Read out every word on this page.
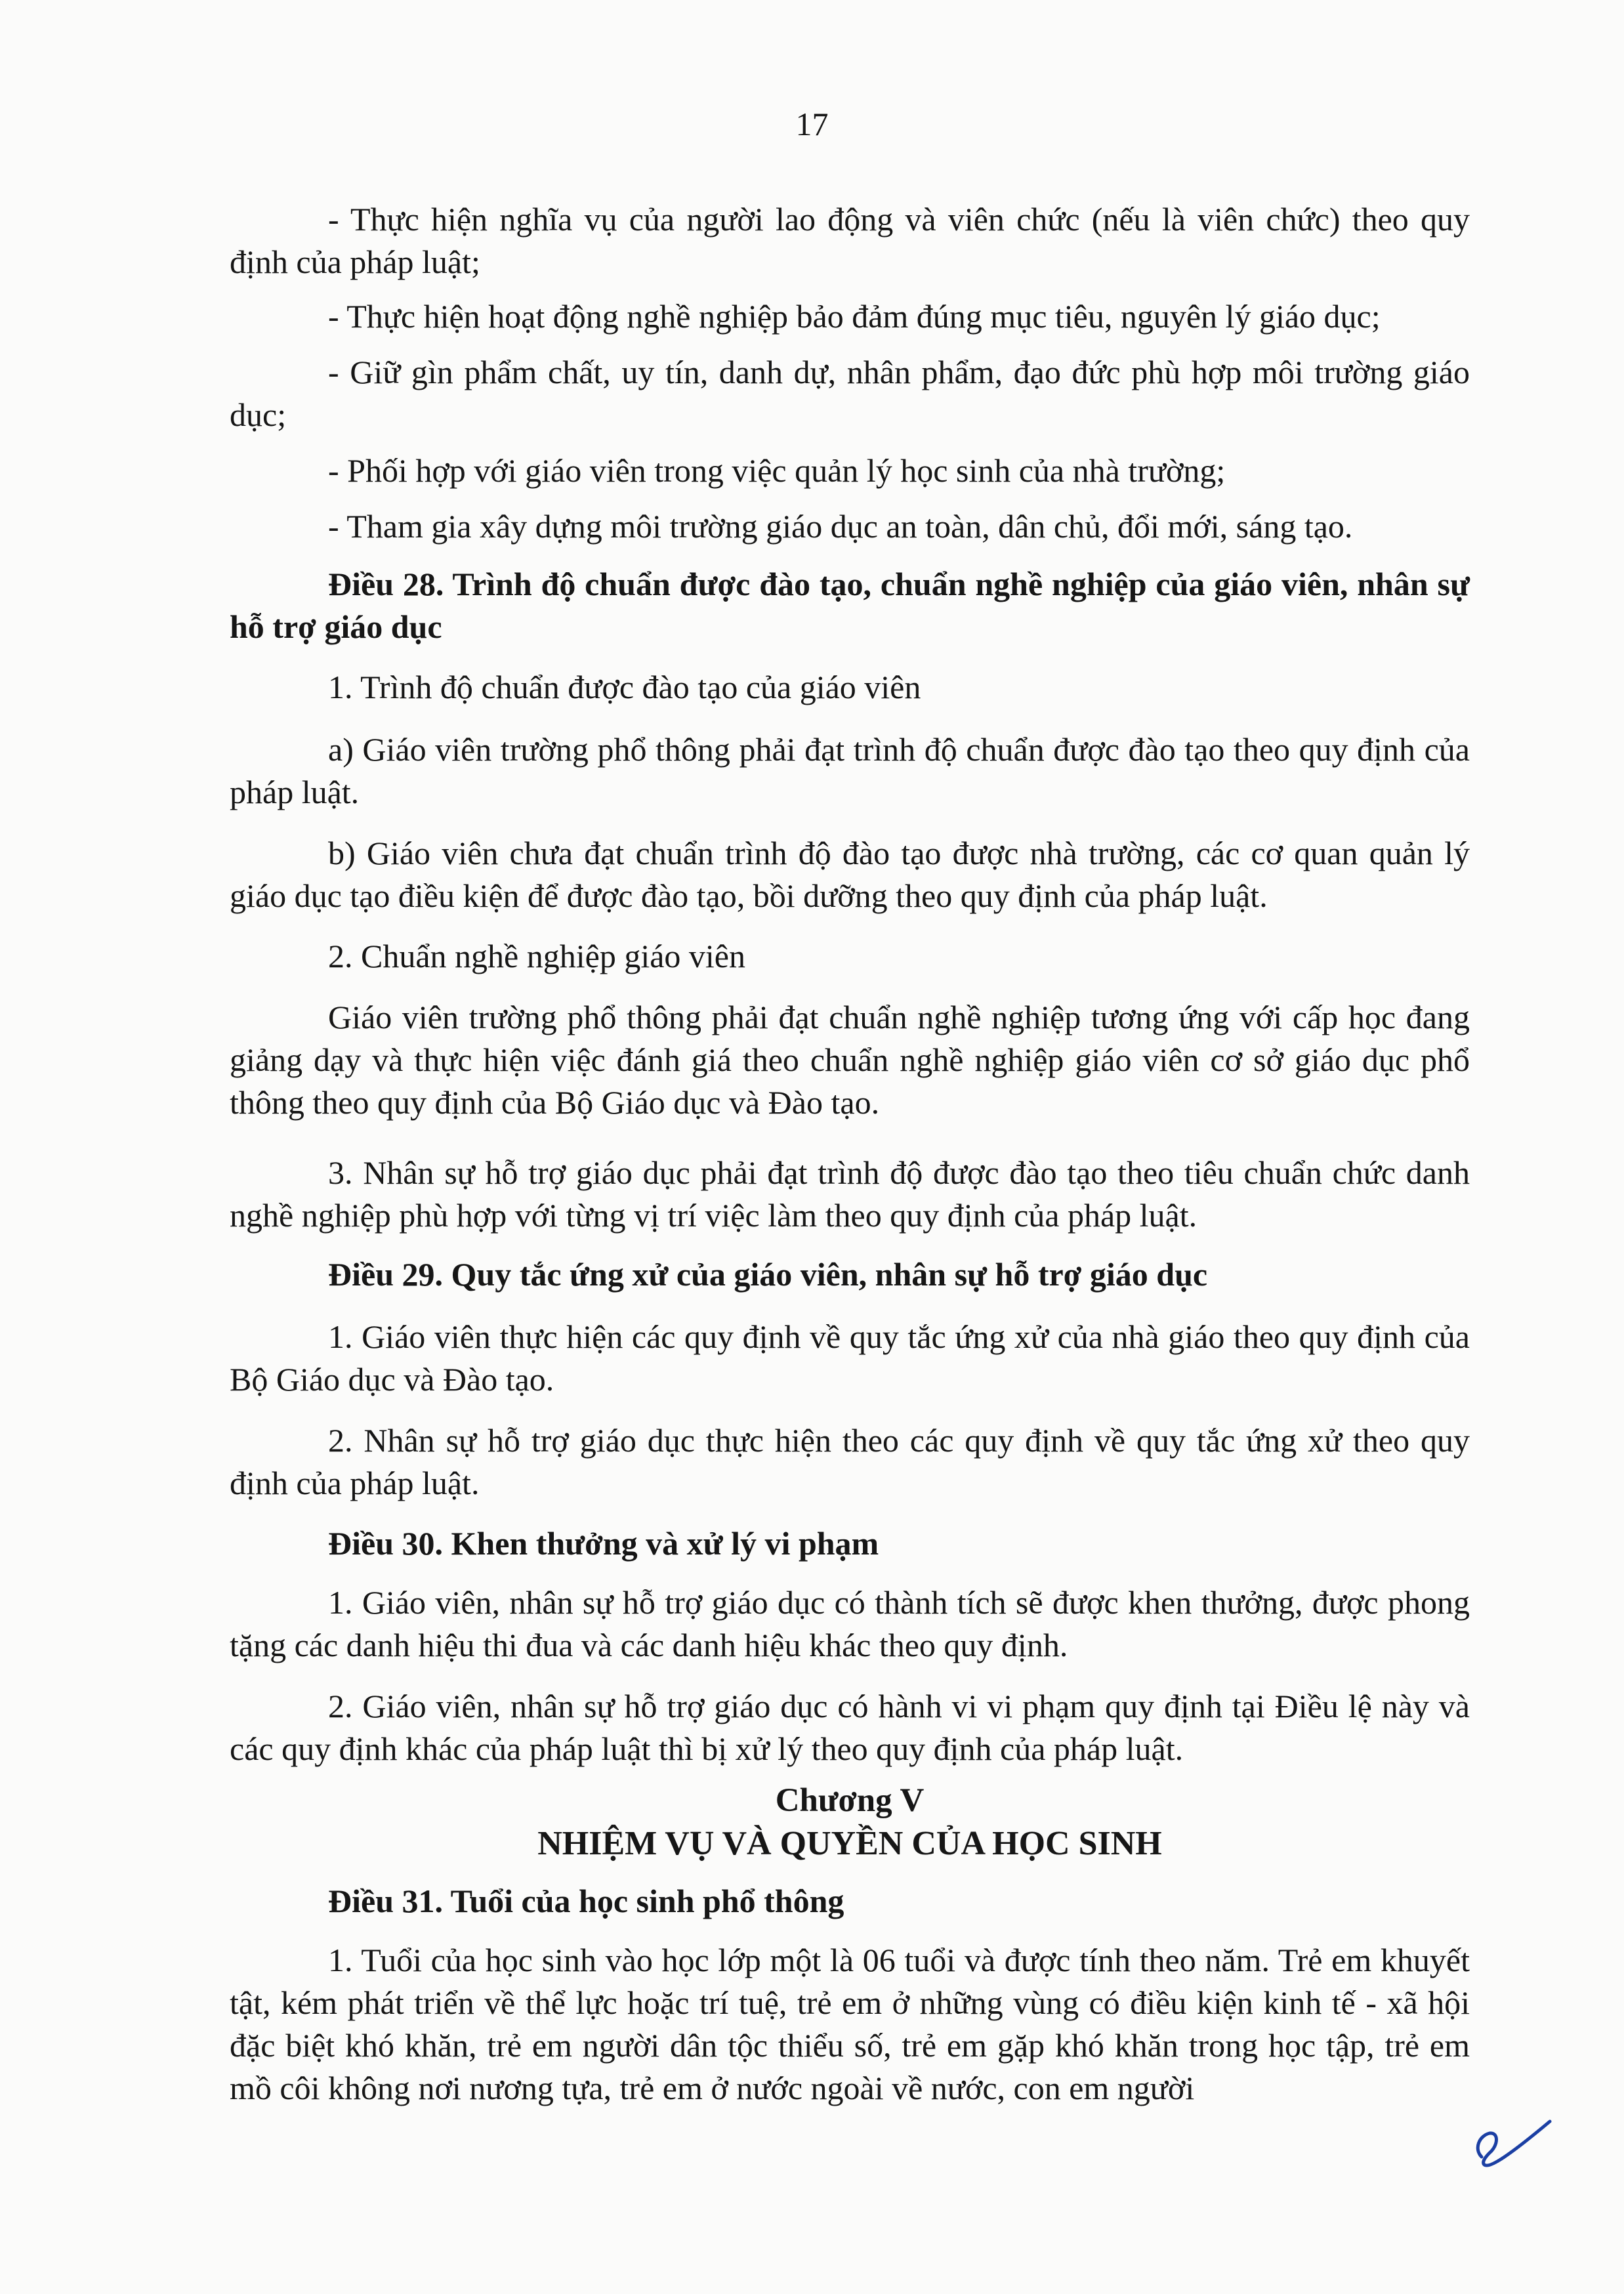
17
- Thực hiện nghĩa vụ của người lao động và viên chức (nếu là viên chức) theo quy định của pháp luật;
- Thực hiện hoạt động nghề nghiệp bảo đảm đúng mục tiêu, nguyên lý giáo dục;
- Giữ gìn phẩm chất, uy tín, danh dự, nhân phẩm, đạo đức phù hợp môi trường giáo dục;
- Phối hợp với giáo viên trong việc quản lý học sinh của nhà trường;
- Tham gia xây dựng môi trường giáo dục an toàn, dân chủ, đổi mới, sáng tạo.
Điều 28. Trình độ chuẩn được đào tạo, chuẩn nghề nghiệp của giáo viên, nhân sự hỗ trợ giáo dục
1. Trình độ chuẩn được đào tạo của giáo viên
a) Giáo viên trường phổ thông phải đạt trình độ chuẩn được đào tạo theo quy định của pháp luật.
b) Giáo viên chưa đạt chuẩn trình độ đào tạo được nhà trường, các cơ quan quản lý giáo dục tạo điều kiện để được đào tạo, bồi dưỡng theo quy định của pháp luật.
2. Chuẩn nghề nghiệp giáo viên
Giáo viên trường phổ thông phải đạt chuẩn nghề nghiệp tương ứng với cấp học đang giảng dạy và thực hiện việc đánh giá theo chuẩn nghề nghiệp giáo viên cơ sở giáo dục phổ thông theo quy định của Bộ Giáo dục và Đào tạo.
3. Nhân sự hỗ trợ giáo dục phải đạt trình độ được đào tạo theo tiêu chuẩn chức danh nghề nghiệp phù hợp với từng vị trí việc làm theo quy định của pháp luật.
Điều 29. Quy tắc ứng xử của giáo viên, nhân sự hỗ trợ giáo dục
1. Giáo viên thực hiện các quy định về quy tắc ứng xử của nhà giáo theo quy định của Bộ Giáo dục và Đào tạo.
2. Nhân sự hỗ trợ giáo dục thực hiện theo các quy định về quy tắc ứng xử theo quy định của pháp luật.
Điều 30. Khen thưởng và xử lý vi phạm
1. Giáo viên, nhân sự hỗ trợ giáo dục có thành tích sẽ được khen thưởng, được phong tặng các danh hiệu thi đua và các danh hiệu khác theo quy định.
2. Giáo viên, nhân sự hỗ trợ giáo dục có hành vi vi phạm quy định tại Điều lệ này và các quy định khác của pháp luật thì bị xử lý theo quy định của pháp luật.
Chương V
NHIỆM VỤ VÀ QUYỀN CỦA HỌC SINH
Điều 31. Tuổi của học sinh phổ thông
1. Tuổi của học sinh vào học lớp một là 06 tuổi và được tính theo năm. Trẻ em khuyết tật, kém phát triển về thể lực hoặc trí tuệ, trẻ em ở những vùng có điều kiện kinh tế - xã hội đặc biệt khó khăn, trẻ em người dân tộc thiểu số, trẻ em gặp khó khăn trong học tập, trẻ em mồ côi không nơi nương tựa, trẻ em ở nước ngoài về nước, con em người
